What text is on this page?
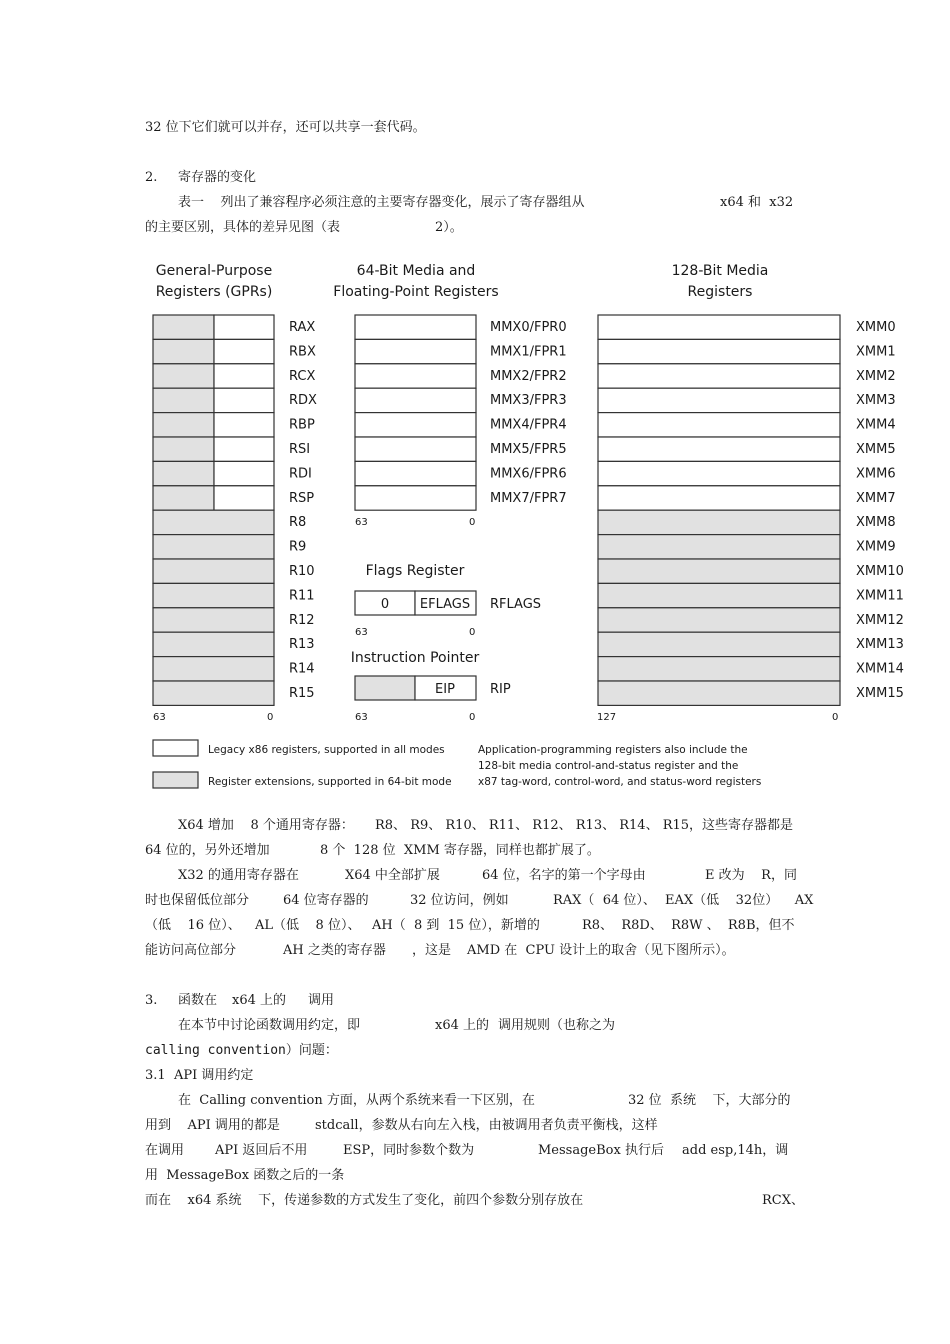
32 位下它们就可以并存，还可以共享一套代码。
2. 寄存器的变化
表一    列出了兼容程序必须注意的主要寄存器变化，展示了寄存器组从	x64 和  x32
的主要区别，具体的差异见图（表	2）。
General-Purpose
Registers (GPRs)
64-Bit Media and
Floating-Point Registers
128-Bit Media
Registers
Flags Register
0 EFLAGS RFLAGS
Instruction Pointer
EIP	RIP
63	0
63	0
63	0	63	0	127	0
Legacy x86 registers, supported in all modes
Register extensions, supported in 64-bit mode
Application-programming registers also include the
128-bit media control-and-status register and the
x87 tag-word, control-word, and status-word registers
RAX
RBX
RCX
RDX
RBP
RSI
RDI
RSP
R8
R9
R10
R11
R12
R13
R14
R15
MMX0/FPR0
MMX1/FPR1
MMX2/FPR2
MMX3/FPR3
MMX4/FPR4
MMX5/FPR5
MMX6/FPR6
MMX7/FPR7
XMM0
XMM1
XMM2
XMM3
XMM4
XMM5
XMM6
XMM7
XMM8
XMM9
XMM10
XMM11
XMM12
XMM13
XMM14
XMM15
X64 增加    8 个通用寄存器： R8、 R9、 R10、 R11、 R12、 R13、 R14、 R15，这些寄存器都是
64 位的，另外还增加	8 个  128 位  XMM 寄存器，同样也都扩展了。
X32 的通用寄存器在	X64 中全部扩展	64 位，名字的第一个字母由	E 改为    R，同
时也保留低位部分	64 位寄存器的	32 位访问，例如	RAX（  64 位）、 EAX（低    32位）    AX
（低    16 位）、 AL（低    8 位）、 AH（  8 到  15 位），新增的	R8、  R8D、  R8W 、  R8B，但不
能访问高位部分	AH 之类的寄存器 ，这是 AMD 在  CPU 设计上的取舍（见下图所示）。
3. 函数在 x64 上的 调用
在本节中讨论函数调用约定，即	x64 上的 调用规则（也称之为
calling convention）问题：
3.1  API 调用约定
在  Calling convention 方面，从两个系统来看一下区别，在	32 位  系统    下，大部分的
用到    API 调用的都是	stdcall，参数从右向左入栈，由被调用者负责平衡栈，这样
在调用 API 返回后不用	ESP，同时参数个数为	MessageBox 执行后 add esp,14h，调
用  MessageBox 函数之后的一条
而在    x64 系统    下，传递参数的方式发生了变化，前四个参数分别存放在	RCX、
